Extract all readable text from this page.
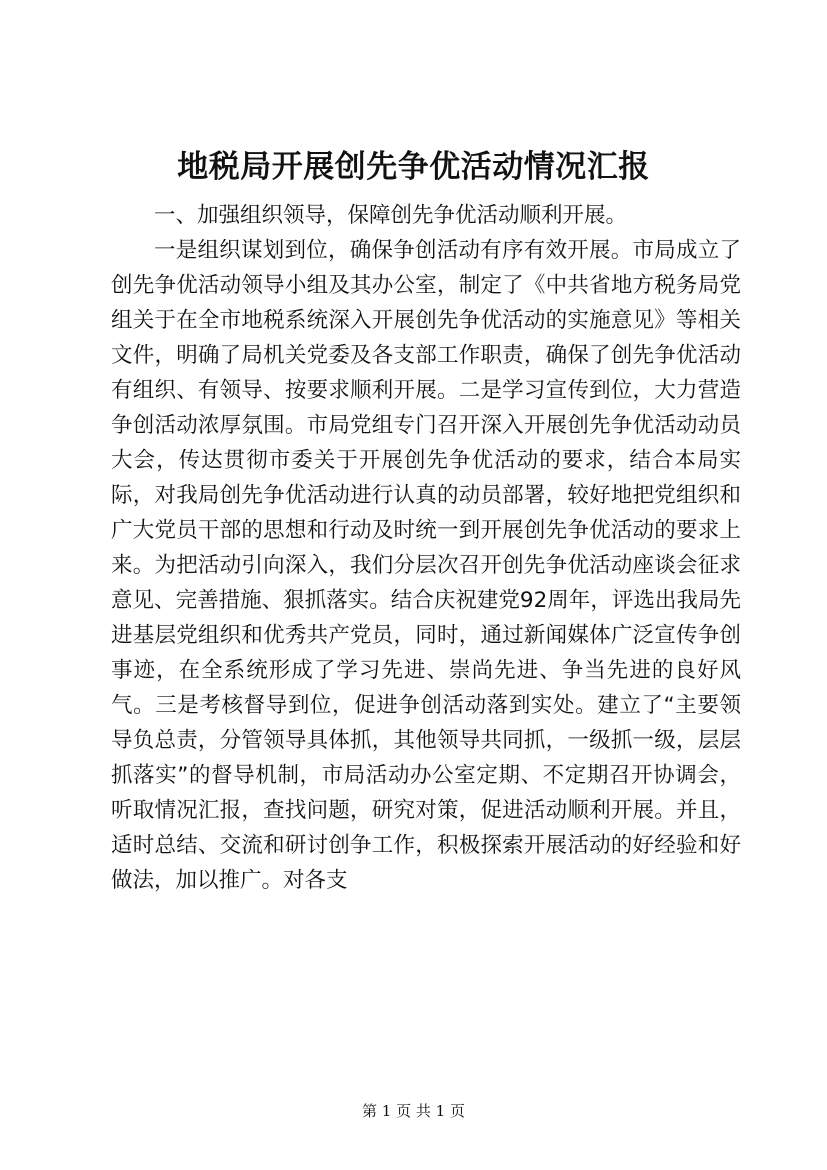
地税局开展创先争优活动情况汇报

一、加强组织领导，保障创先争优活动顺利开展。

一是组织谋划到位，确保争创活动有序有效开展。市局成立了创先争优活动领导小组及其办公室，制定了《中共省地方税务局党组关于在全市地税系统深入开展创先争优活动的实施意见》等相关文件，明确了局机关党委及各支部工作职责，确保了创先争优活动有组织、有领导、按要求顺利开展。二是学习宣传到位，大力营造争创活动浓厚氛围。市局党组专门召开深入开展创先争优活动动员大会，传达贯彻市委关于开展创先争优活动的要求，结合本局实际，对我局创先争优活动进行认真的动员部署，较好地把党组织和广大党员干部的思想和行动及时统一到开展创先争优活动的要求上来。为把活动引向深入，我们分层次召开创先争优活动座谈会征求意见、完善措施、狠抓落实。结合庆祝建党92周年，评选出我局先进基层党组织和优秀共产党员，同时，通过新闻媒体广泛宣传争创事迹，在全系统形成了学习先进、崇尚先进、争当先进的良好风气。三是考核督导到位，促进争创活动落到实处。建立了“主要领导负总责，分管领导具体抓，其他领导共同抓，一级抓一级，层层抓落实”的督导机制，市局活动办公室定期、不定期召开协调会，听取情况汇报，查找问题，研究对策，促进活动顺利开展。并且，适时总结、交流和研讨创争工作，积极探索开展活动的好经验和好做法，加以推广。对各支

第 1 页 共 1 页
